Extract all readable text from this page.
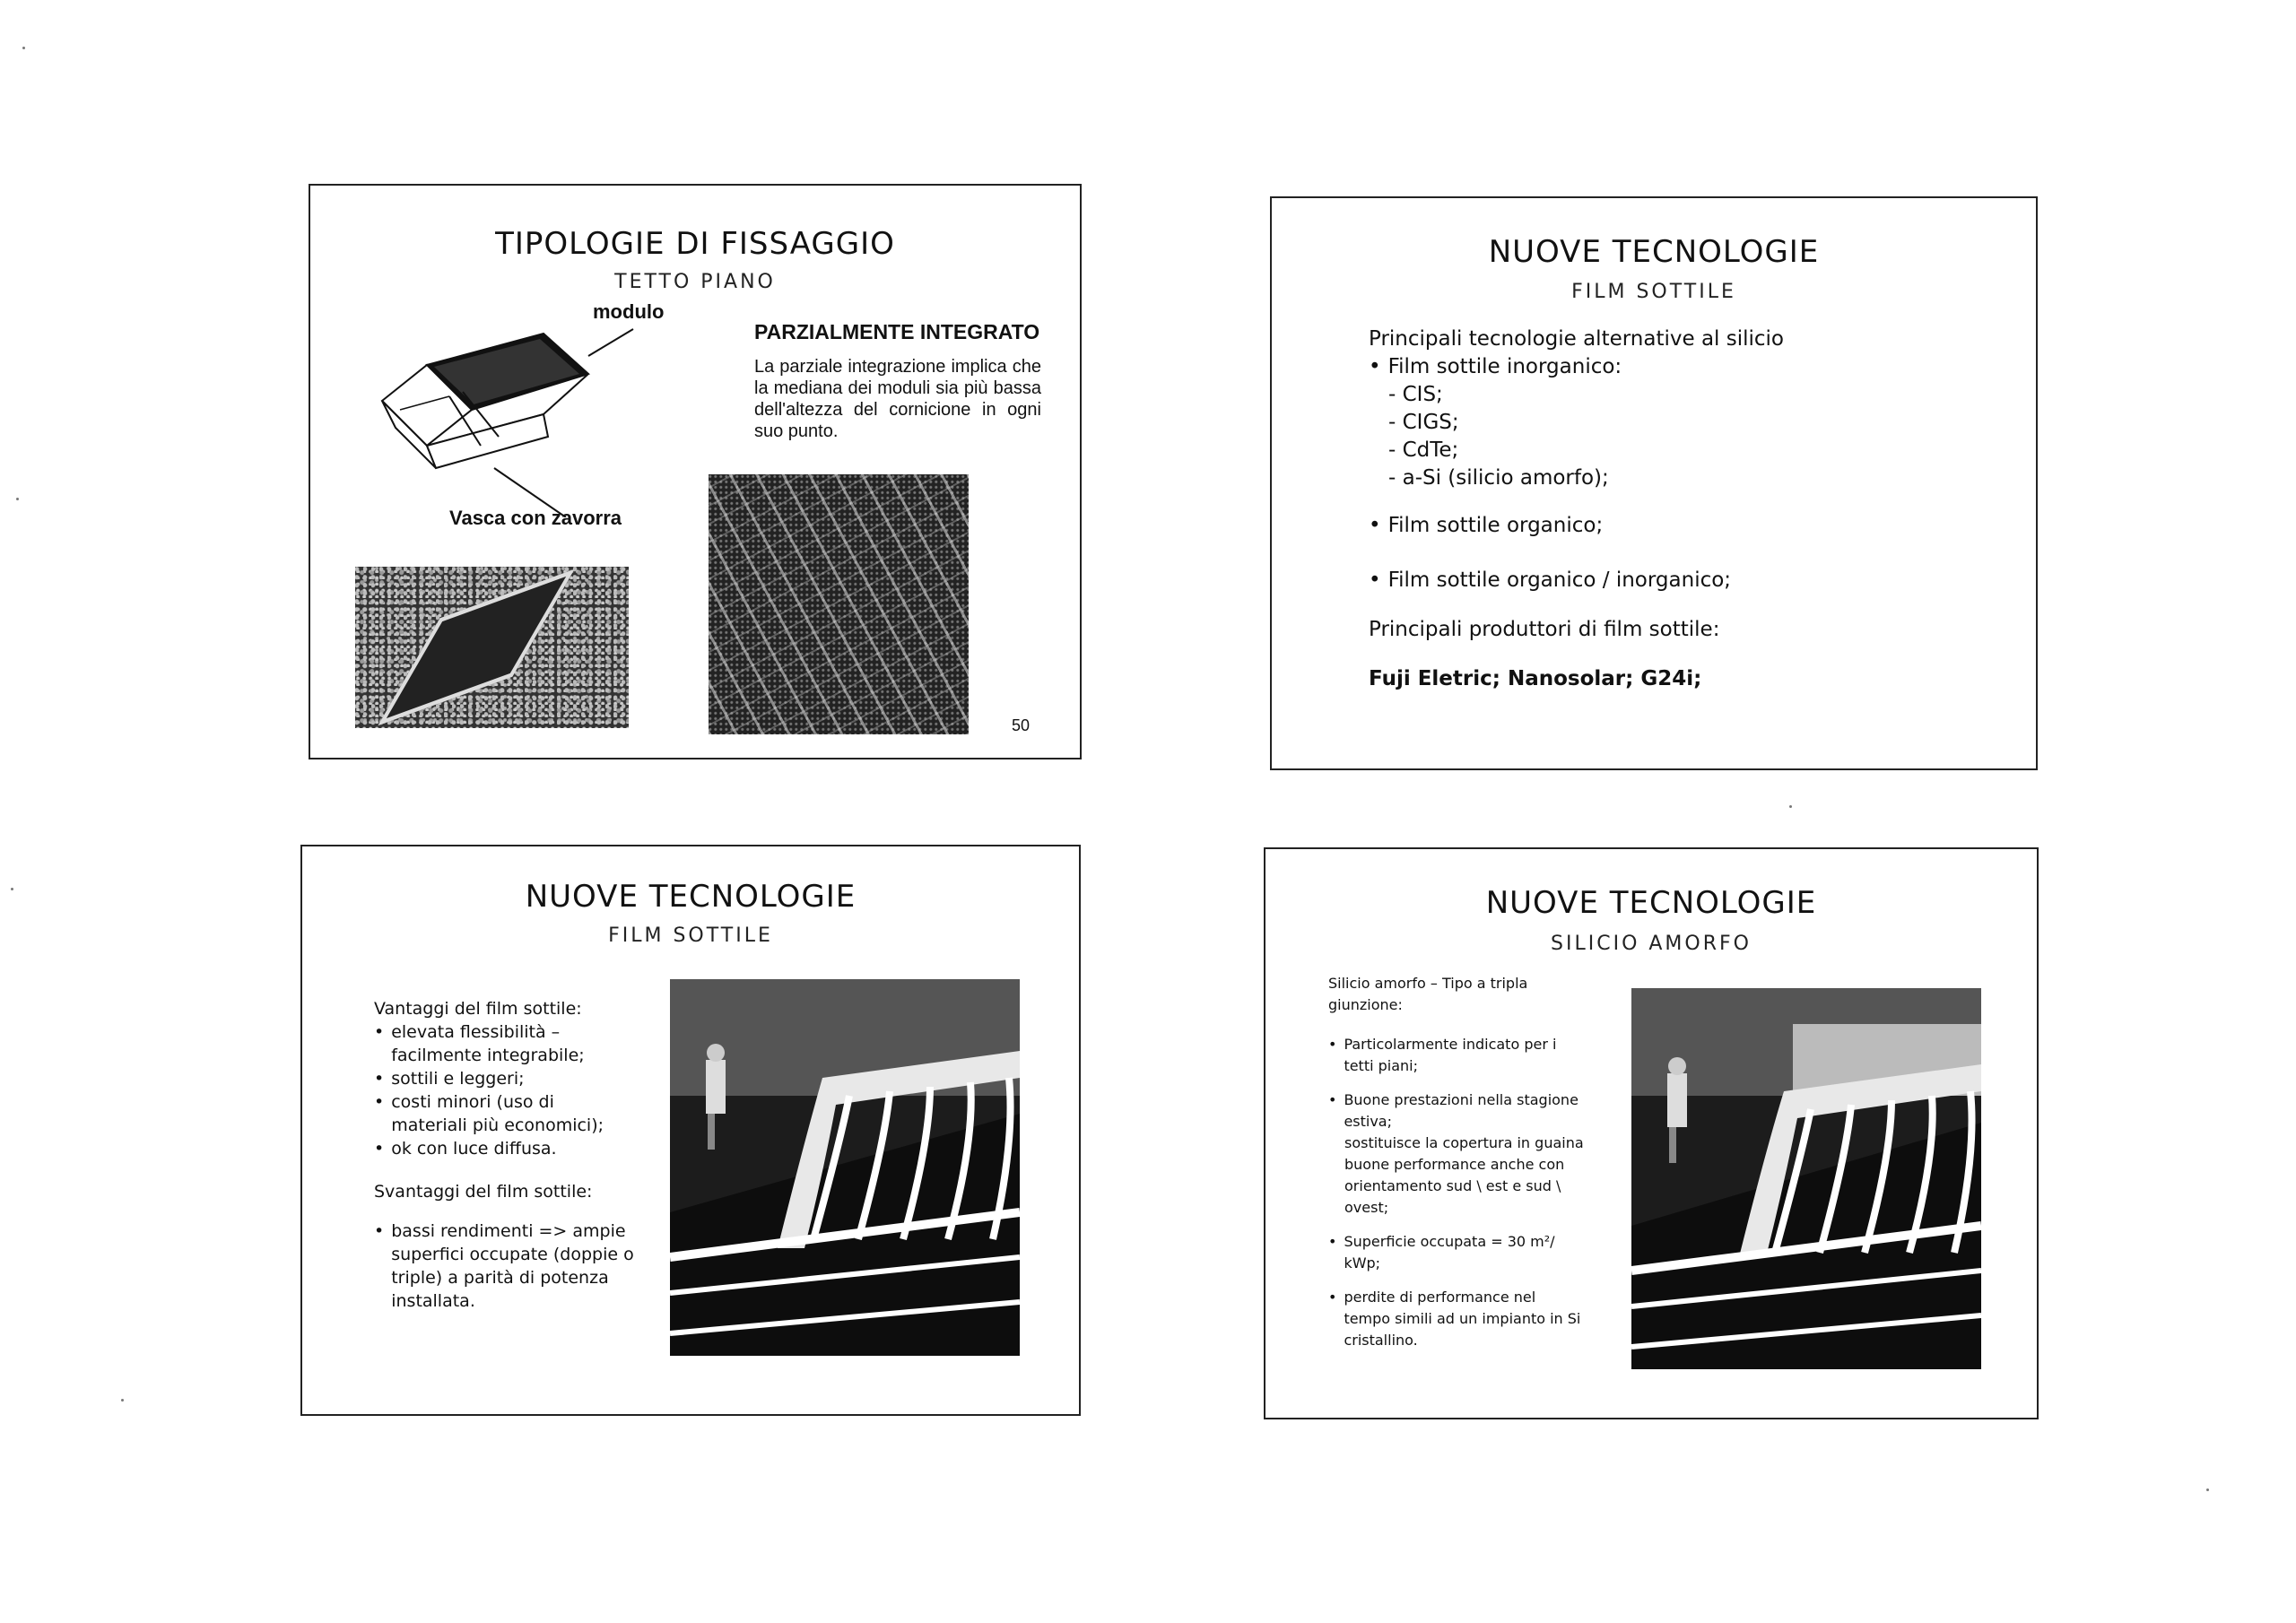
TIPOLOGIE DI FISSAGGIO
TETTO PIANO
modulo
Vasca con zavorra
PARZIALMENTE INTEGRATO
La parziale integrazione implica che la mediana dei moduli sia più bassa dell'altezza del cornicione in ogni suo punto.
50
NUOVE TECNOLOGIE
FILM SOTTILE
Principali tecnologie alternative al silicio
• Film sottile inorganico:
- CIS;
- CIGS;
- CdTe;
- a-Si (silicio amorfo);
• Film sottile organico;
• Film sottile organico / inorganico;
Principali produttori di film sottile:
Fuji Eletric; Nanosolar; G24i;
NUOVE TECNOLOGIE
FILM SOTTILE
Vantaggi del film sottile:
•
elevata flessibilità – facilmente integrabile;
•
sottili e leggeri;
•
costi minori (uso di materiali più economici);
•
ok con luce diffusa.
Svantaggi del film sottile:
•
bassi rendimenti => ampie superfici occupate (doppie o triple) a parità di potenza installata.
NUOVE TECNOLOGIE
SILICIO AMORFO
Silicio amorfo – Tipo a tripla giunzione:
•
Particolarmente indicato per i tetti piani;
•
Buone prestazioni nella stagione estiva;
sostituisce la copertura in guaina
buone performance anche con orientamento sud \ est e sud \ ovest;
•
Superficie occupata = 30 m²/ kWp;
•
perdite di performance nel tempo simili ad un impianto in Si cristallino.
